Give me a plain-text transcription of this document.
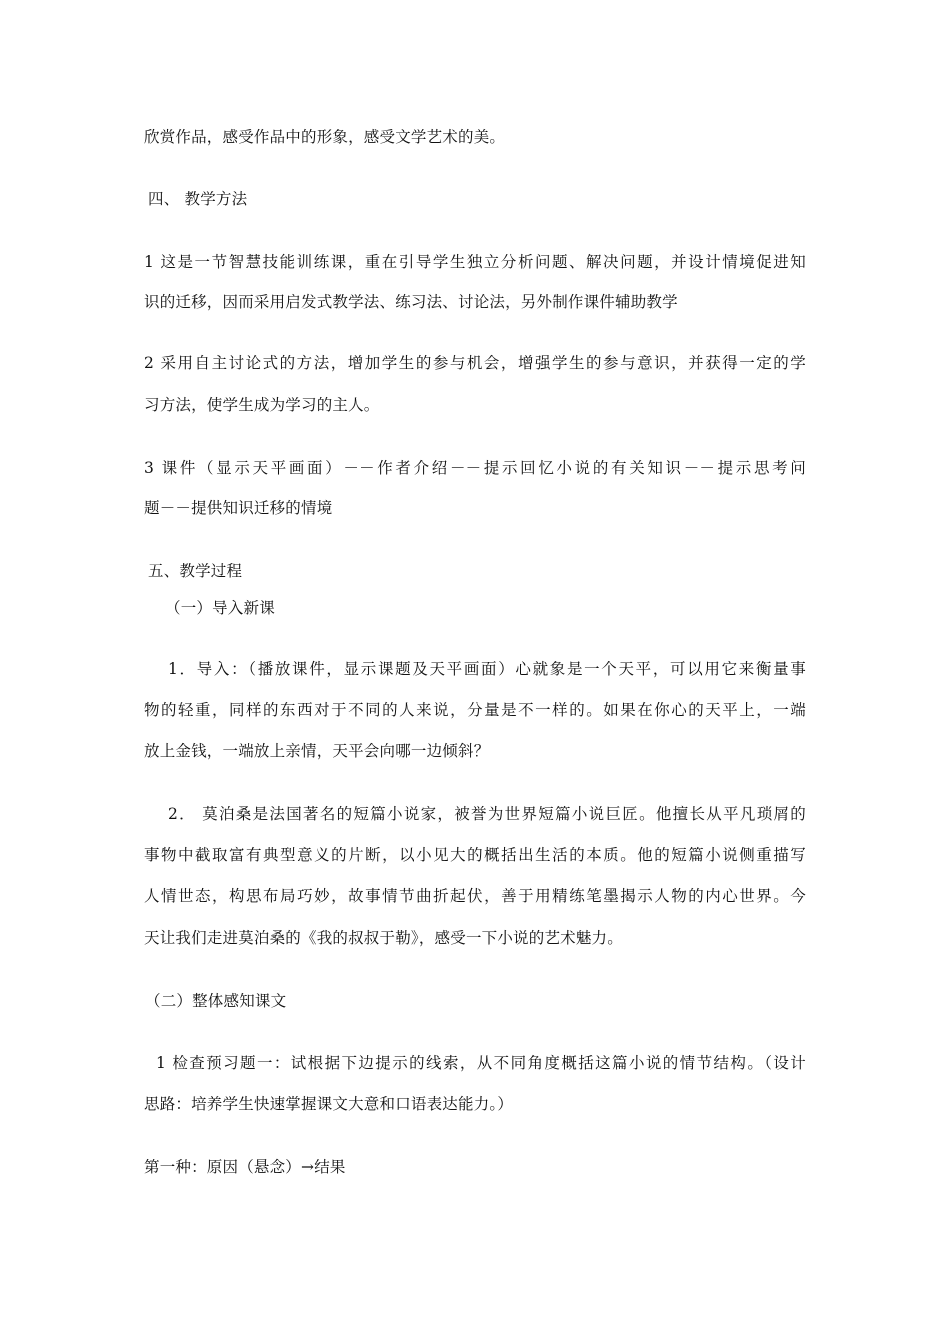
欣赏作品，感受作品中的形象，感受文学艺术的美。
四、 教学方法
1 这是一节智慧技能训练课，重在引导学生独立分析问题、解决问题，并设计情境促进知
识的迁移，因而采用启发式教学法、练习法、讨论法，另外制作课件辅助教学
2 采用自主讨论式的方法，增加学生的参与机会，增强学生的参与意识，并获得一定的学
习方法，使学生成为学习的主人。
3 课件（显示天平画面）－－作者介绍－－提示回忆小说的有关知识－－提示思考问
题－－提供知识迁移的情境
五、教学过程
（一）导入新课
1．导入：（播放课件，显示课题及天平画面）心就象是一个天平，可以用它来衡量事
物的轻重，同样的东西对于不同的人来说，分量是不一样的。如果在你心的天平上，一端
放上金钱，一端放上亲情，天平会向哪一边倾斜？
2． 莫泊桑是法国著名的短篇小说家，被誉为世界短篇小说巨匠。他擅长从平凡琐屑的
事物中截取富有典型意义的片断，以小见大的概括出生活的本质。他的短篇小说侧重描写
人情世态，构思布局巧妙，故事情节曲折起伏，善于用精练笔墨揭示人物的内心世界。今
天让我们走进莫泊桑的《我的叔叔于勒》，感受一下小说的艺术魅力。
（二）整体感知课文
1 检查预习题一：试根据下边提示的线索，从不同角度概括这篇小说的情节结构。（设计
思路：培养学生快速掌握课文大意和口语表达能力。）
第一种：原因（悬念）→结果
